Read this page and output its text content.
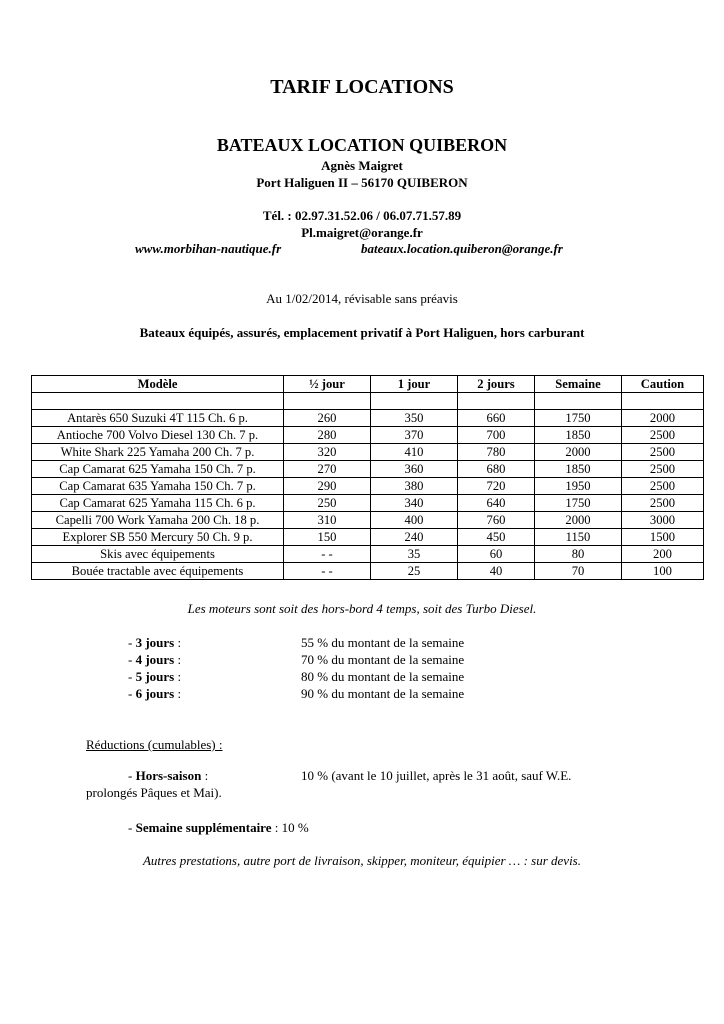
TARIF LOCATIONS
BATEAUX LOCATION QUIBERON
Agnès Maigret
Port Haliguen II – 56170 QUIBERON
Tél. : 02.97.31.52.06 / 06.07.71.57.89
Pl.maigret@orange.fr
www.morbihan-nautique.fr	bateaux.location.quiberon@orange.fr
Au 1/02/2014, révisable sans préavis
Bateaux équipés, assurés, emplacement privatif à Port Haliguen, hors carburant
Modèle	½ jour	1 jour	2 jours	Semaine	Caution

Antarès 650 Suzuki 4T 115 Ch. 6 p.	260	350	660	1750	2000
Antioche 700 Volvo Diesel 130 Ch. 7 p.	280	370	700	1850	2500
White Shark 225 Yamaha 200 Ch. 7 p.	320	410	780	2000	2500
Cap Camarat 625 Yamaha 150 Ch. 7 p.	270	360	680	1850	2500
Cap Camarat 635 Yamaha 150 Ch. 7 p.	290	380	720	1950	2500
Cap Camarat 625 Yamaha 115 Ch. 6 p.	250	340	640	1750	2500
Capelli 700 Work Yamaha 200 Ch. 18 p.	310	400	760	2000	3000
Explorer SB 550 Mercury 50 Ch. 9 p.	150	240	450	1150	1500
Skis avec équipements	- -	35	60	80	200
Bouée tractable avec équipements	- -	25	40	70	100
Les moteurs sont soit des hors-bord 4 temps, soit des Turbo Diesel.
- 3 jours :	55 % du montant de la semaine
- 4 jours :	70 % du montant de la semaine
- 5 jours :	80 % du montant de la semaine
- 6 jours :	90 % du montant de la semaine
Réductions (cumulables) :
- Hors-saison :	10 % (avant le 10 juillet, après le 31 août, sauf W.E.
prolongés Pâques et Mai).
- Semaine supplémentaire : 10 %
Autres prestations, autre port de livraison, skipper, moniteur, équipier … : sur devis.
